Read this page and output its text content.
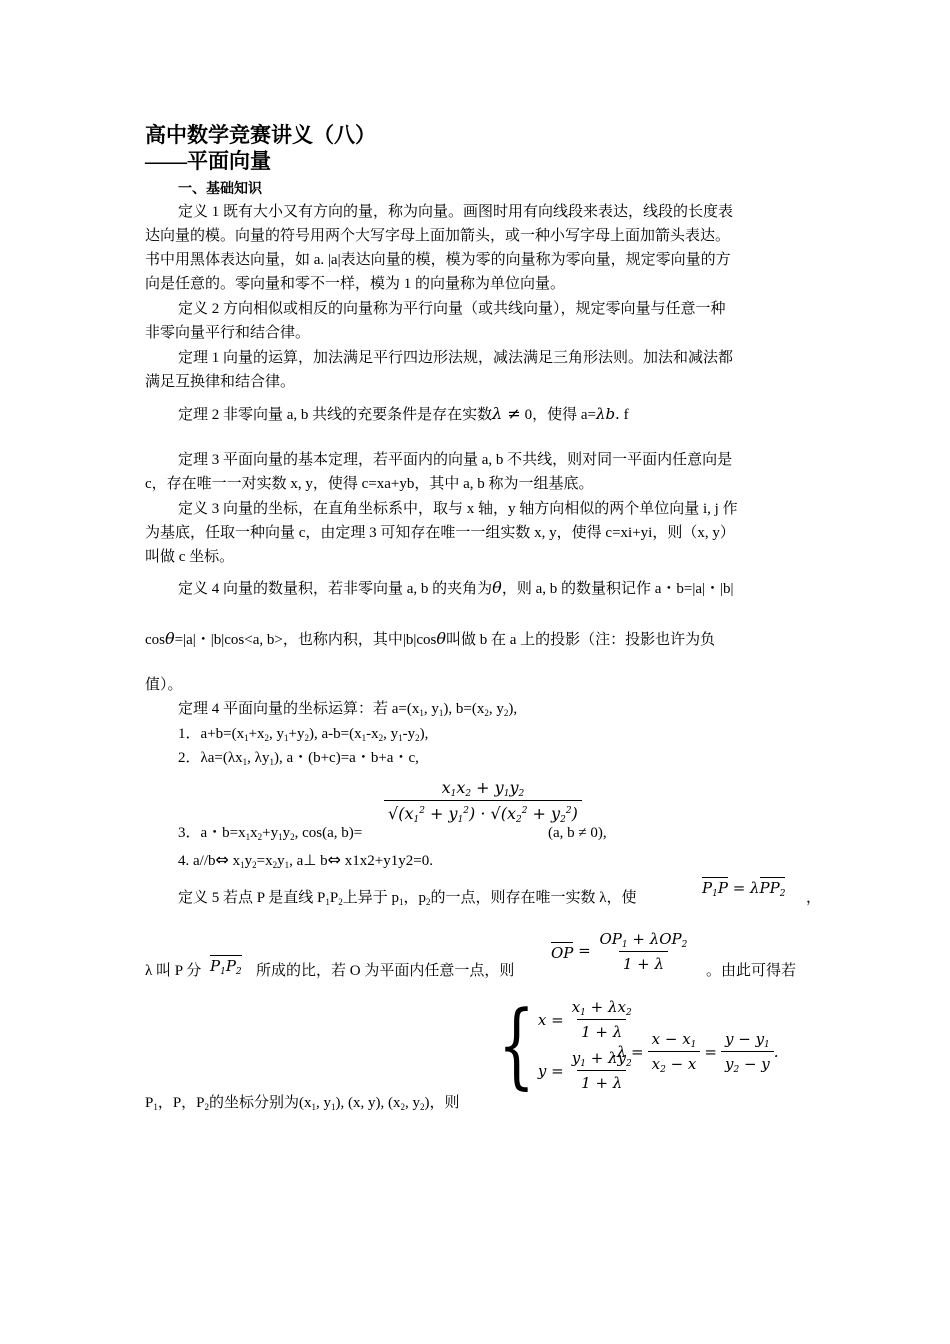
高中数学竞赛讲义（八）
——平面向量
一、基础知识
定义 1 既有大小又有方向的量，称为向量。画图时用有向线段来表达，线段的长度表
达向量的模。向量的符号用两个大写字母上面加箭头，或一种小写字母上面加箭头表达。
书中用黑体表达向量，如 a. |a|表达向量的模，模为零的向量称为零向量，规定零向量的方
向是任意的。零向量和零不一样，模为 1 的向量称为单位向量。
定义 2 方向相似或相反的向量称为平行向量（或共线向量），规定零向量与任意一种
非零向量平行和结合律。
定理 1 向量的运算，加法满足平行四边形法规，减法满足三角形法则。加法和减法都
满足互换律和结合律。
定理 2 非零向量 a, b 共线的充要条件是存在实数λ ≠ 0，使得 a=λb. f
定理 3 平面向量的基本定理，若平面内的向量 a, b 不共线，则对同一平面内任意向是
c，存在唯一一对实数 x, y，使得 c=xa+yb，其中 a, b 称为一组基底。
定义 3 向量的坐标，在直角坐标系中，取与 x 轴，y 轴方向相似的两个单位向量 i, j 作
为基底，任取一种向量 c，由定理 3 可知存在唯一一组实数 x, y，使得 c=xi+yi，则（x, y）
叫做 c 坐标。
定义 4 向量的数量积，若非零向量 a, b 的夹角为θ，则 a, b 的数量积记作 a・b=|a|・|b|
cosθ=|a|・|b|cos<a, b>，也称内积，其中|b|cosθ叫做 b 在 a 上的投影（注：投影也许为负
值）。
定理 4 平面向量的坐标运算：若 $a=(x_1$, $y_1$), $b=(x_2$, $y_2$),
1．$a+b=(x_1+x_2$, $y_1+y_2$), $a-b=(x_1-x_2$, $y_1-y_2$),
2．$\lambda a=(\lambda x_1$, $\lambda y_1$), a・(b+c)=a・b+a・c,
$\frac{x_1x_2 + y_1y_2}{√(x_1^2 + y_1^2) \cdot √(x_2^2 + y_2^2)}$
3．a・$b=x_1x_2+y_1y_2$, cos(a, b)=	(a, b ≠ 0),
4. a//b⇔ $x_1y_2=x_2y_1$, a⊥ b⇔ x1x2+y1y2=0.
定义 5 若点 P 是直线 $P_1P_2$上异于 $p_1$，$p_2$的一点，则存在唯一实数 λ，使
$P_1P = \lambda PP_2$ ，
λ 叫 P 分 $P_1P_2$ 所成的比，若 O 为平面内任意一点，则
OP = $\frac{OP_1 + \lambda OP_2}{1 + \lambda}$ 。由此可得若
{ $x = \frac{x_1 + \lambda x_2}{1 + \lambda}$
$y = \frac{y_1 + \lambda y_2}{1 + \lambda}$
$.\lambda = \frac{x - x_1}{x_2 - x} = \frac{y - y_1}{y_2 - y}$ .
$P_1$，P，$P_2$的坐标分别为($x_1$, $y_1$), (x, y), ($x_2$, $y_2$)，则
